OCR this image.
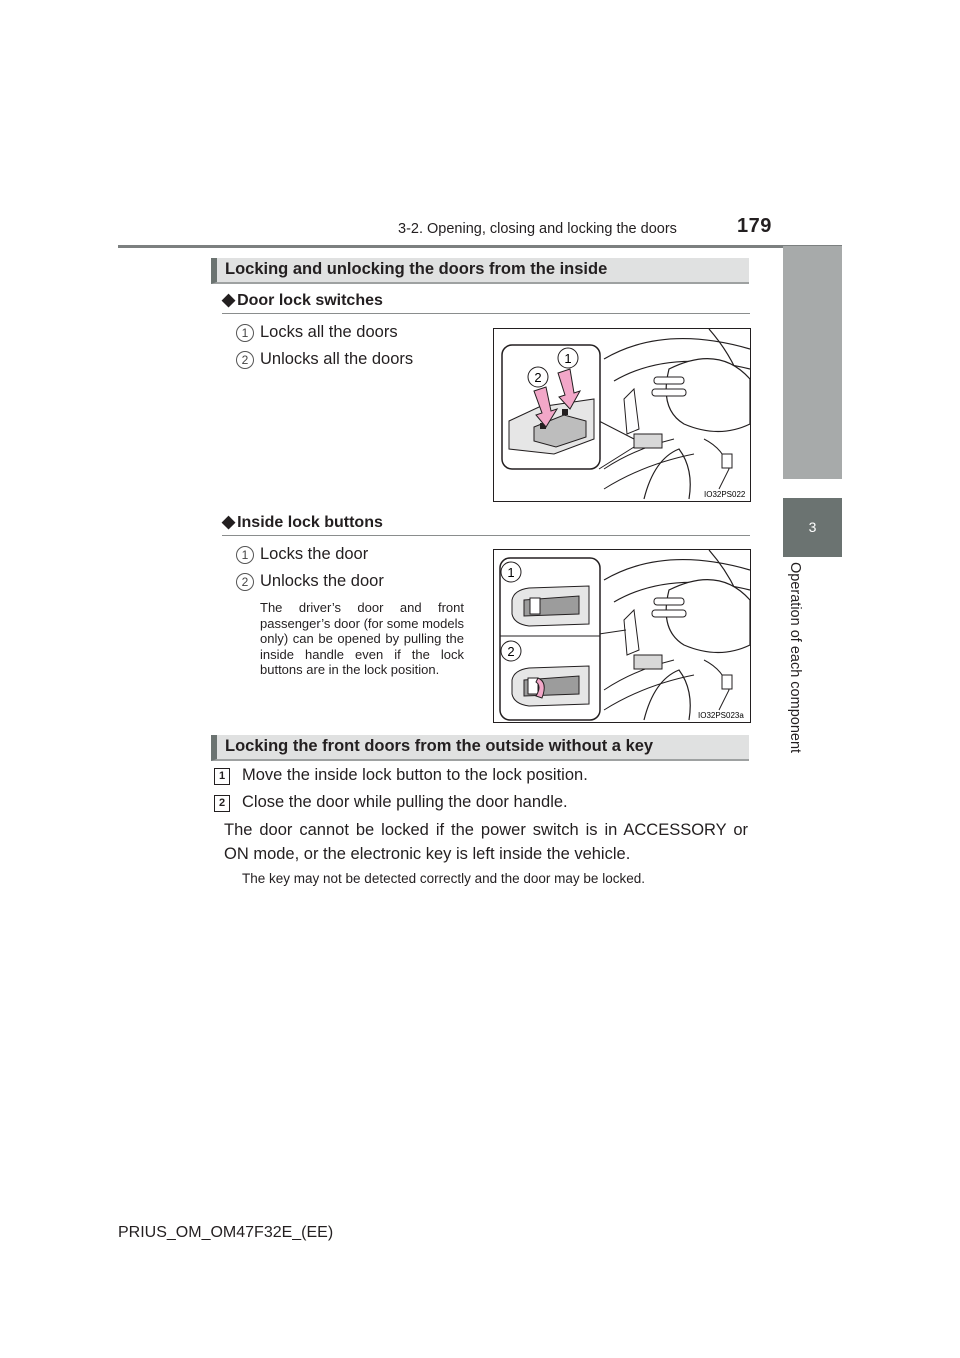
3-2. Opening, closing and locking the doors	179
3
Operation of each component
Locking and unlocking the doors from the inside
◆ Door lock switches
1 Locks all the doors
2 Unlocks all the doors	1
2
IO32PS022
◆ Inside lock buttons
1 Locks the door
2 Unlocks the door
The driver’s door and front passenger’s door (for some models only) can be opened by pulling the inside handle even if the lock buttons are in the lock position.
1
2
IO32PS023a
Locking the front doors from the outside without a key
1 Move the inside lock button to the lock position.
2 Close the door while pulling the door handle.
The door cannot be locked if the power switch is in ACCESSORY or ON mode, or the electronic key is left inside the vehicle.
The key may not be detected correctly and the door may be locked.
PRIUS_OM_OM47F32E_(EE)
